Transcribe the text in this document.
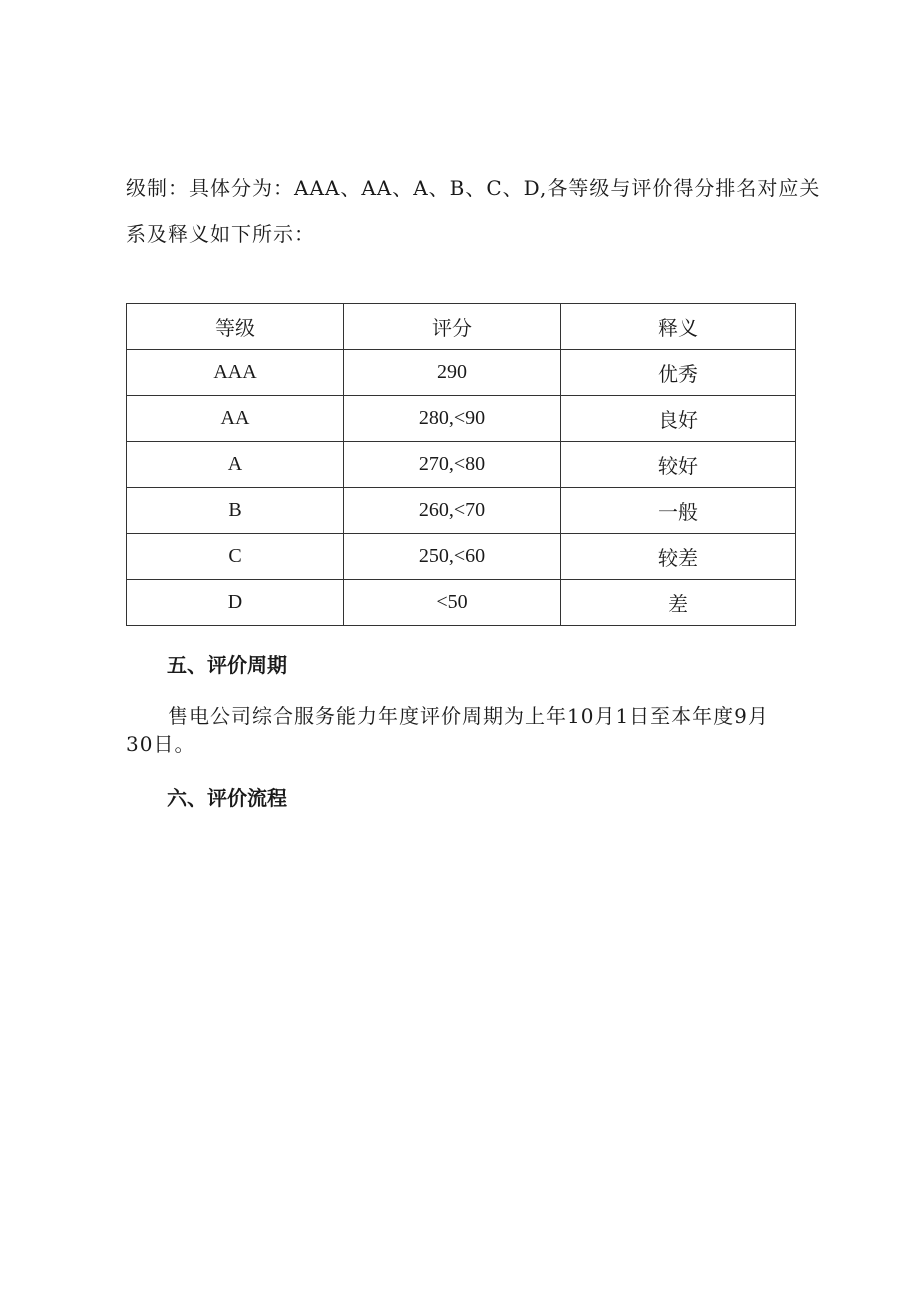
级制：具体分为：AAA、AA、A、B、C、D,各等级与评价得分排名对应关
系及释义如下所示：
等级	评分	释义
AAA	290	优秀
AA	280,<90	良好
A	270,<80	较好
B	260,<70	一般
C	250,<60	较差
D	<50	差
五、评价周期
售电公司综合服务能力年度评价周期为上年10月1日至本年度9月30日。
六、评价流程
